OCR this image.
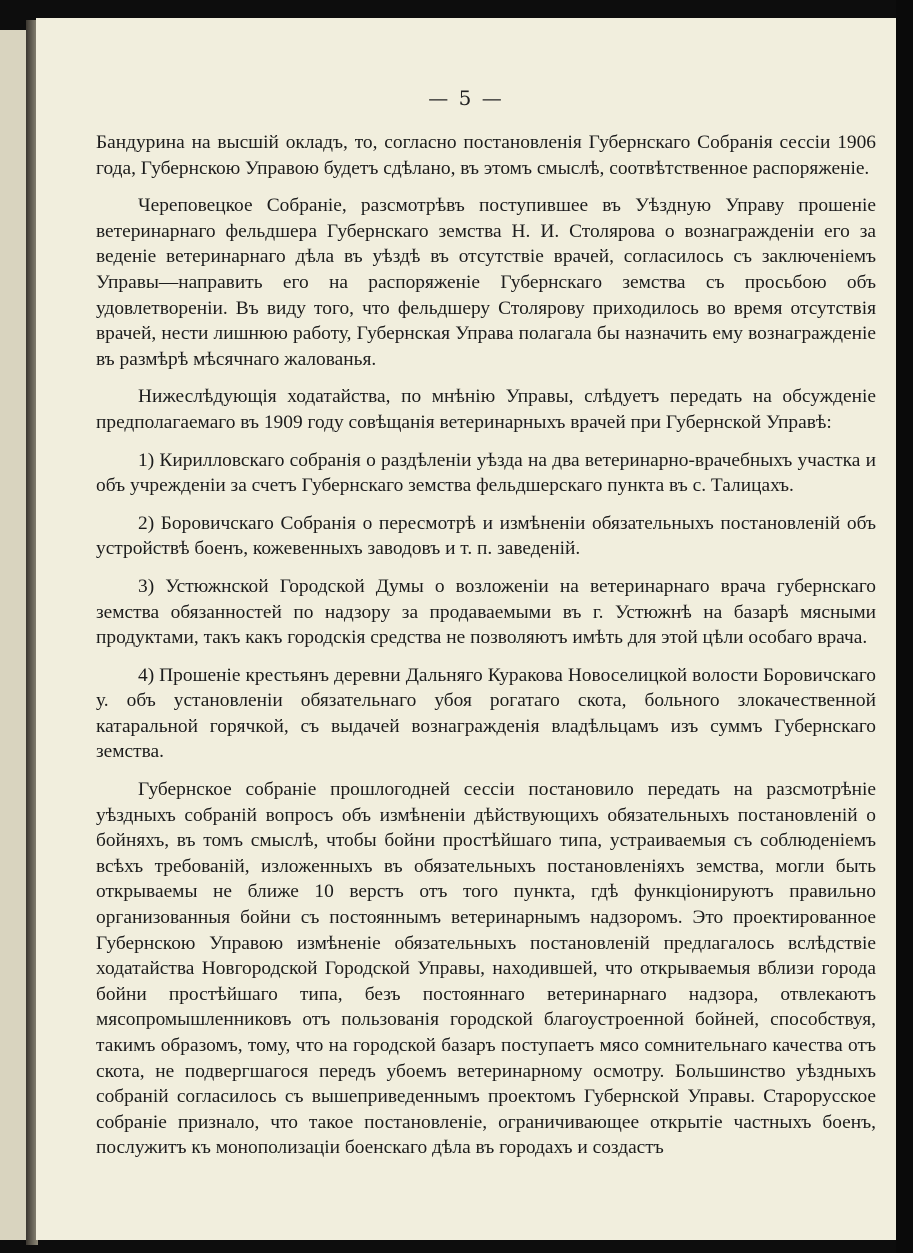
— 5 —

Бандурина на высшій окладъ, то, согласно постановленія Губернскаго Собранія сессіи 1906 года, Губернскою Управою будетъ сдѣлано, въ этомъ смыслѣ, соотвѣтственное распоряженіе.

Череповецкое Собраніе, разсмотрѣвъ поступившее въ Уѣздную Управу прошеніе ветеринарнаго фельдшера Губернскаго земства Н. И. Столярова о вознагражденіи его за веденіе ветеринарнаго дѣла въ уѣздѣ въ отсутствіе врачей, согласилось съ заключеніемъ Управы—направить его на распоряженіе Губернскаго земства съ просьбою объ удовлетвореніи. Въ виду того, что фельдшеру Столярову приходилось во время отсутствія врачей, нести лишнюю работу, Губернская Управа полагала бы назначить ему вознагражденіе въ размѣрѣ мѣсячнаго жалованья.

Нижеслѣдующія ходатайства, по мнѣнію Управы, слѣдуетъ передать на обсужденіе предполагаемаго въ 1909 году совѣщанія ветеринарныхъ врачей при Губернской Управѣ:

1) Кирилловскаго собранія о раздѣленіи уѣзда на два ветеринарно-врачебныхъ участка и объ учрежденіи за счетъ Губернскаго земства фельдшерскаго пункта въ с. Талицахъ.

2) Боровичскаго Собранія о пересмотрѣ и измѣненіи обязательныхъ постановленій объ устройствѣ боенъ, кожевенныхъ заводовъ и т. п. заведеній.

3) Устюжнской Городской Думы о возложеніи на ветеринарнаго врача губернскаго земства обязанностей по надзору за продаваемыми въ г. Устюжнѣ на базарѣ мясными продуктами, такъ какъ городскія средства не позволяютъ имѣть для этой цѣли особаго врача.

4) Прошеніе крестьянъ деревни Дальняго Куракова Новоселицкой волости Боровичскаго у. объ установленіи обязательнаго убоя рогатаго скота, больного злокачественной катаральной горячкой, съ выдачей вознагражденія владѣльцамъ изъ суммъ Губернскаго земства.

Губернское собраніе прошлогодней сессіи постановило передать на разсмотрѣніе уѣздныхъ собраній вопросъ объ измѣненіи дѣйствующихъ обязательныхъ постановленій о бойняхъ, въ томъ смыслѣ, чтобы бойни простѣйшаго типа, устраиваемыя съ соблюденіемъ всѣхъ требованій, изложенныхъ въ обязательныхъ постановленіяхъ земства, могли быть открываемы не ближе 10 верстъ отъ того пункта, гдѣ функціонируютъ правильно организованныя бойни съ постояннымъ ветеринарнымъ надзоромъ. Это проектированное Губернскою Управою измѣненіе обязательныхъ постановленій предлагалось вслѣдствіе ходатайства Новгородской Городской Управы, находившей, что открываемыя вблизи города бойни простѣйшаго типа, безъ постояннаго ветеринарнаго надзора, отвлекаютъ мясопромышленниковъ отъ пользованія городской благоустроенной бойней, способствуя, такимъ образомъ, тому, что на городской базаръ поступаетъ мясо сомнительнаго качества отъ скота, не подвергшагося передъ убоемъ ветеринарному осмотру. Большинство уѣздныхъ собраній согласилось съ вышеприведеннымъ проектомъ Губернской Управы. Старорусское собраніе признало, что такое постановленіе, ограничивающее открытіе частныхъ боенъ, послужитъ къ монополизаціи боенскаго дѣла въ городахъ и создастъ
